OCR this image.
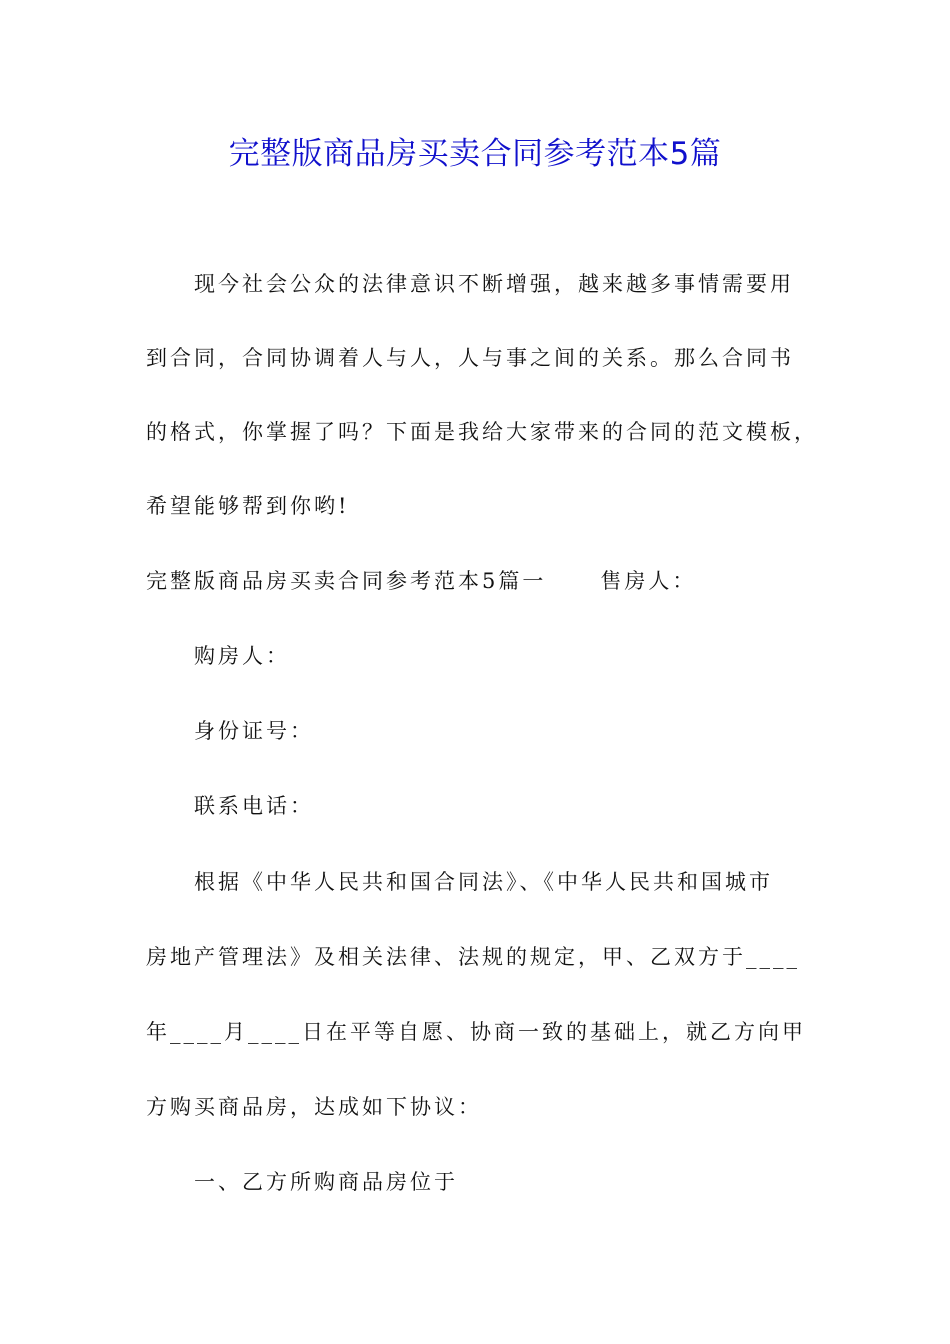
完整版商品房买卖合同参考范本5篇
现今社会公众的法律意识不断增强，越来越多事情需要用
到合同，合同协调着人与人，人与事之间的关系。那么合同书
的格式，你掌握了吗？下面是我给大家带来的合同的范文模板，
希望能够帮到你哟!
完整版商品房买卖合同参考范本5篇一	售房人：
购房人：
身份证号：
联系电话：
根据《中华人民共和国合同法》、《中华人民共和国城市
房地产管理法》及相关法律、法规的规定，甲、乙双方于____
年____月____日在平等自愿、协商一致的基础上，就乙方向甲
方购买商品房，达成如下协议：
一、乙方所购商品房位于
